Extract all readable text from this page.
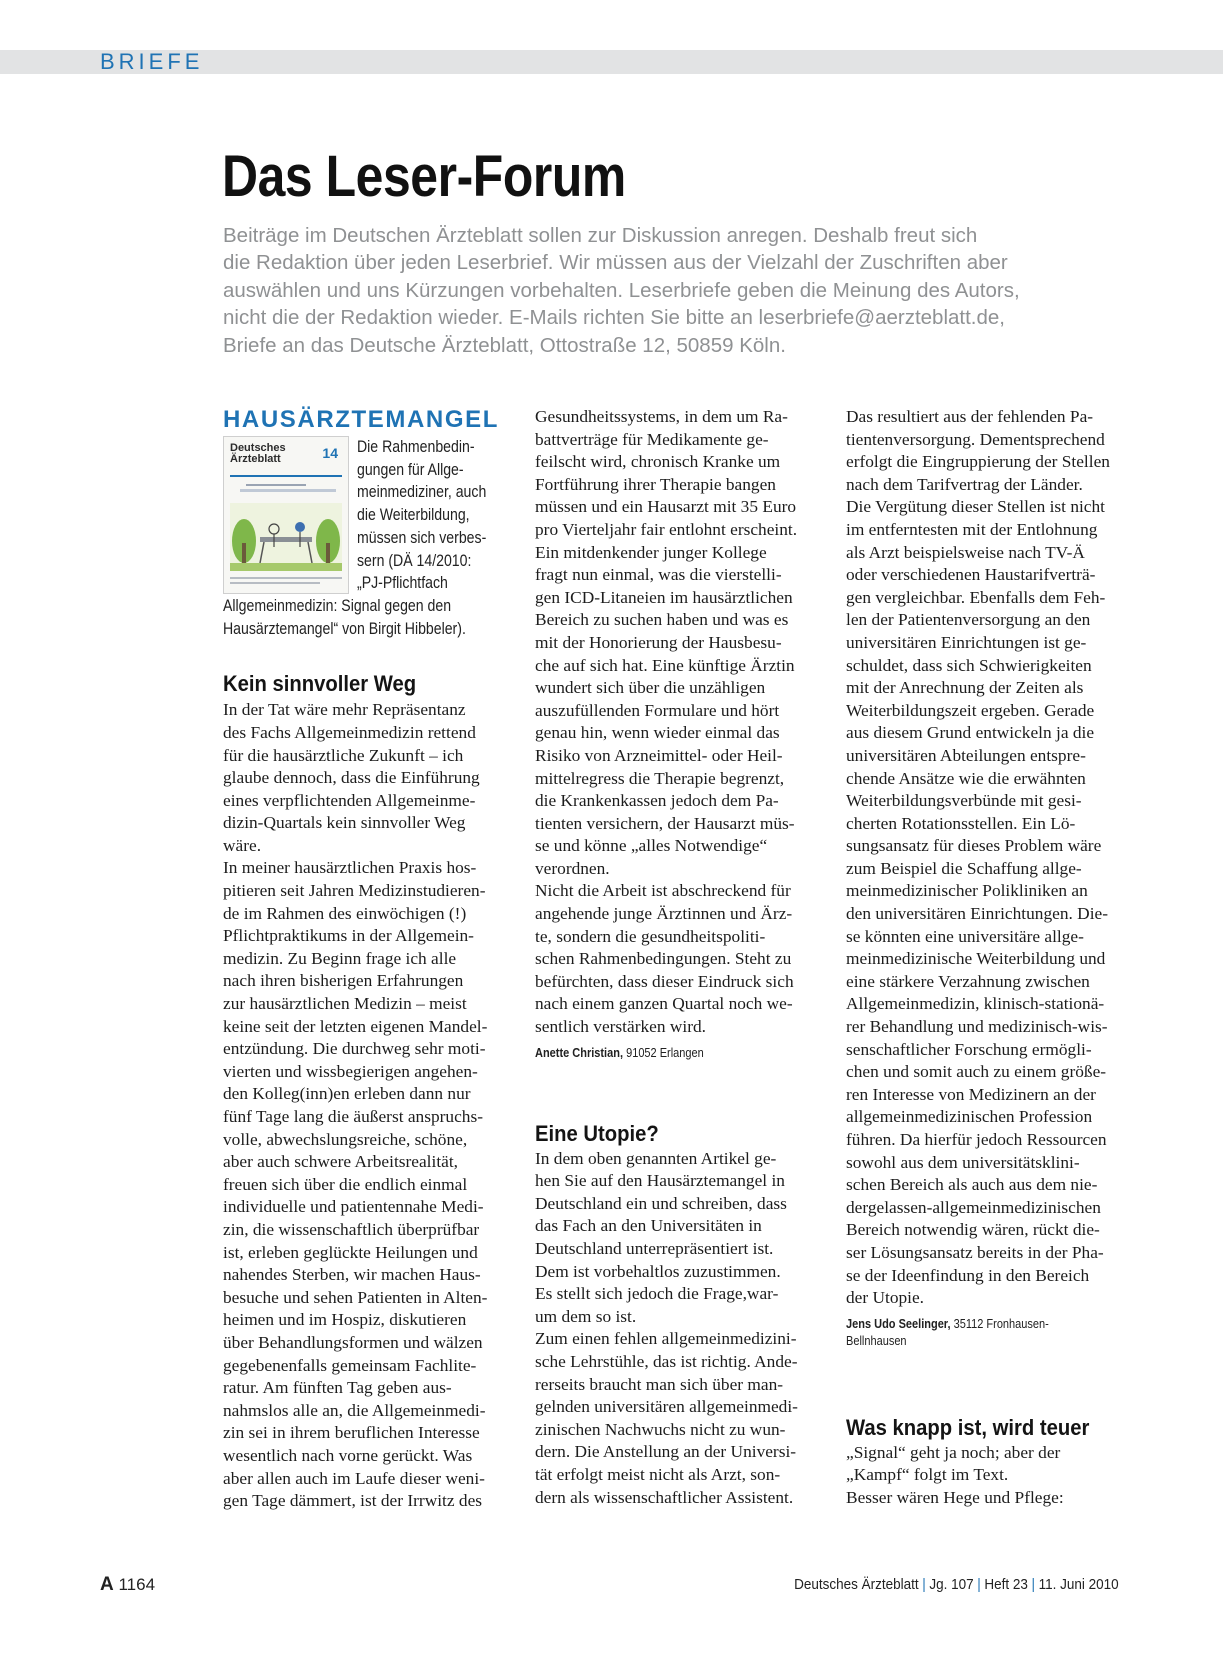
BRIEFE
Das Leser-Forum

Beiträge im Deutschen Ärzteblatt sollen zur Diskussion anregen. Deshalb freut sich

die Redaktion über jeden Leserbrief. Wir müssen aus der Vielzahl der Zuschriften aber

auswählen und uns Kürzungen vorbehalten. Leserbriefe geben die Meinung des Autors,

nicht die der Redaktion wieder. E-Mails richten Sie bitte an leserbriefe@aerzteblatt.de,

Briefe an das Deutsche Ärzteblatt, Ottostraße 12, 50859 Köln.

HAUSÄRZTEMANGEL
Deutsches
Ärzteblatt	14 Die Rahmenbedin-
gungen für Allge-
meinmediziner, auch
die Weiterbildung,
müssen sich verbes-
sern (DÄ 14/2010:
„PJ-Pflichtfach
Allgemeinmedizin: Signal gegen den
Hausärztemangel“ von Birgit Hibbeler).
Kein sinnvoller Weg
In der Tat wäre mehr Repräsentanz
des Fachs Allgemeinmedizin rettend
für die hausärztliche Zukunft – ich
glaube dennoch, dass die Einführung
eines verpflichtenden Allgemeinme-
dizin-Quartals kein sinnvoller Weg
wäre.
In meiner hausärztlichen Praxis hos-
pitieren seit Jahren Medizinstudieren-
de im Rahmen des einwöchigen (!)
Pflichtpraktikums in der Allgemein-
medizin. Zu Beginn frage ich alle
nach ihren bisherigen Erfahrungen
zur hausärztlichen Medizin – meist
keine seit der letzten eigenen Mandel-
entzündung. Die durchweg sehr moti-
vierten und wissbegierigen angehen-
den Kolleg(inn)en erleben dann nur
fünf Tage lang die äußerst anspruchs-
volle, abwechslungsreiche, schöne,
aber auch schwere Arbeitsrealität,
freuen sich über die endlich einmal
individuelle und patientennahe Medi-
zin, die wissenschaftlich überprüfbar
ist, erleben geglückte Heilungen und
nahendes Sterben, wir machen Haus-
besuche und sehen Patienten in Alten-
heimen und im Hospiz, diskutieren
über Behandlungsformen und wälzen
gegebenenfalls gemeinsam Fachlite-
ratur. Am fünften Tag geben aus-
nahmslos alle an, die Allgemeinmedi-
zin sei in ihrem beruflichen Interesse
wesentlich nach vorne gerückt. Was
aber allen auch im Laufe dieser weni-
gen Tage dämmert, ist der Irrwitz des
Gesundheitssystems, in dem um Ra-
battverträge für Medikamente ge-
feilscht wird, chronisch Kranke um
Fortführung ihrer Therapie bangen
müssen und ein Hausarzt mit 35 Euro
pro Vierteljahr fair entlohnt erscheint.
Ein mitdenkender junger Kollege
fragt nun einmal, was die vierstelli-
gen ICD-Litaneien im hausärztlichen
Bereich zu suchen haben und was es
mit der Honorierung der Hausbesu-
che auf sich hat. Eine künftige Ärztin
wundert sich über die unzähligen
auszufüllenden Formulare und hört
genau hin, wenn wieder einmal das
Risiko von Arzneimittel- oder Heil-
mittelregress die Therapie begrenzt,
die Krankenkassen jedoch dem Pa-
tienten versichern, der Hausarzt müs-
se und könne „alles Notwendige“
verordnen.
Nicht die Arbeit ist abschreckend für
angehende junge Ärztinnen und Ärz-
te, sondern die gesundheitspoliti-
schen Rahmenbedingungen. Steht zu
befürchten, dass dieser Eindruck sich
nach einem ganzen Quartal noch we-
sentlich verstärken wird.
Anette Christian, 91052 Erlangen
Eine Utopie?
In dem oben genannten Artikel ge-
hen Sie auf den Hausärztemangel in
Deutschland ein und schreiben, dass
das Fach an den Universitäten in
Deutschland unterrepräsentiert ist.
Dem ist vorbehaltlos zuzustimmen.
Es stellt sich jedoch die Frage,war-
um dem so ist.
Zum einen fehlen allgemeinmedizini-
sche Lehrstühle, das ist richtig. Ande-
rerseits braucht man sich über man-
gelnden universitären allgemeinmedi-
zinischen Nachwuchs nicht zu wun-
dern. Die Anstellung an der Universi-
tät erfolgt meist nicht als Arzt, son-
dern als wissenschaftlicher Assistent.
Das resultiert aus der fehlenden Pa-
tientenversorgung. Dementsprechend
erfolgt die Eingruppierung der Stellen
nach dem Tarifvertrag der Länder.
Die Vergütung dieser Stellen ist nicht
im entferntesten mit der Entlohnung
als Arzt beispielsweise nach TV-Ä
oder verschiedenen Haustarifverträ-
gen vergleichbar. Ebenfalls dem Feh-
len der Patientenversorgung an den
universitären Einrichtungen ist ge-
schuldet, dass sich Schwierigkeiten
mit der Anrechnung der Zeiten als
Weiterbildungszeit ergeben. Gerade
aus diesem Grund entwickeln ja die
universitären Abteilungen entspre-
chende Ansätze wie die erwähnten
Weiterbildungsverbünde mit gesi-
cherten Rotationsstellen. Ein Lö-
sungsansatz für dieses Problem wäre
zum Beispiel die Schaffung allge-
meinmedizinischer Polikliniken an
den universitären Einrichtungen. Die-
se könnten eine universitäre allge-
meinmedizinische Weiterbildung und
eine stärkere Verzahnung zwischen
Allgemeinmedizin, klinisch-stationä-
rer Behandlung und medizinisch-wis-
senschaftlicher Forschung ermögli-
chen und somit auch zu einem größe-
ren Interesse von Medizinern an der
allgemeinmedizinischen Profession
führen. Da hierfür jedoch Ressourcen
sowohl aus dem universitätsklini-
schen Bereich als auch aus dem nie-
dergelassen-allgemeinmedizinischen
Bereich notwendig wären, rückt die-
ser Lösungsansatz bereits in der Pha-
se der Ideenfindung in den Bereich
der Utopie.
Jens Udo Seelinger, 35112 Fronhausen-
Bellnhausen
Was knapp ist, wird teuer
„Signal“ geht ja noch; aber der
„Kampf“ folgt im Text.
Besser wären Hege und Pflege:
A 1164	Deutsches Ärzteblatt | Jg. 107 | Heft 23 | 11. Juni 2010
